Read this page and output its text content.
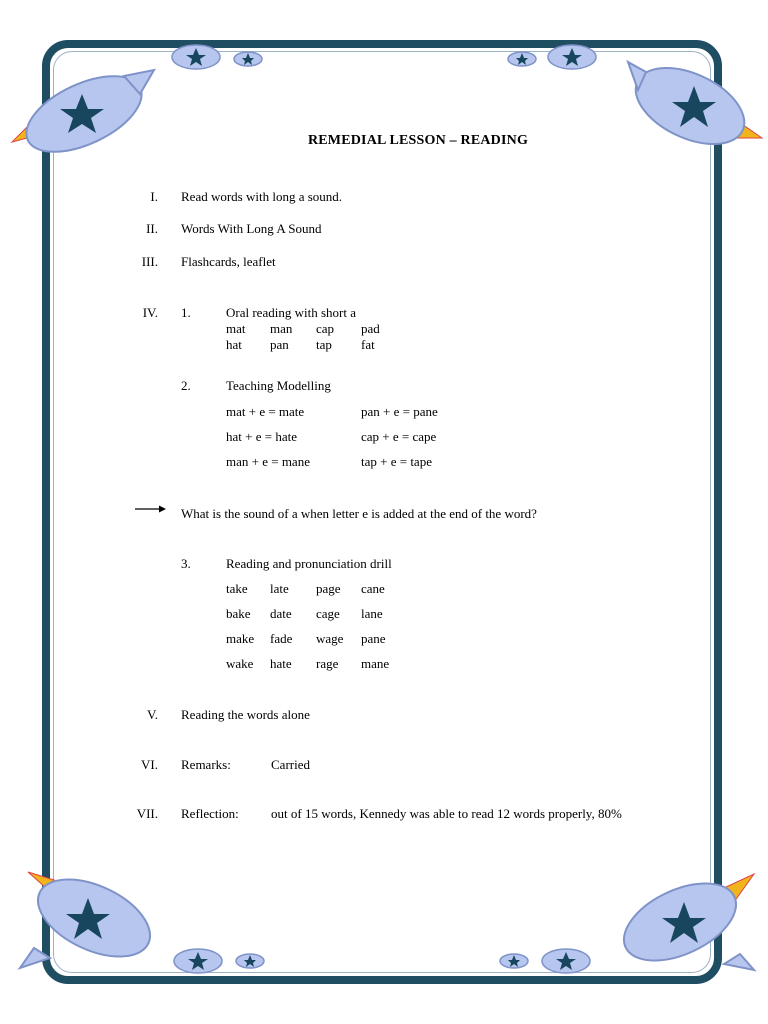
REMEDIAL LESSON – READING
I. Read words with long a sound.
II. Words With Long A Sound
III. Flashcards, leaflet
IV. 1.	Oral reading with short a
mat man cap pad
hat pan tap fat
2.	Teaching Modelling
mat + e = mate	pan + e = pane
hat + e = hate	cap + e = cape
man + e = mane	tap + e = tape
What is the sound of a when letter e is added at the end of the word?
3.	Reading and pronunciation drill
take late page cane
bake date cage lane
make fade wage pane
wake hate rage mane
V. Reading the words alone
VI. Remarks:	Carried
VII. Reflection: out of 15 words, Kennedy was able to read 12 words properly, 80%
